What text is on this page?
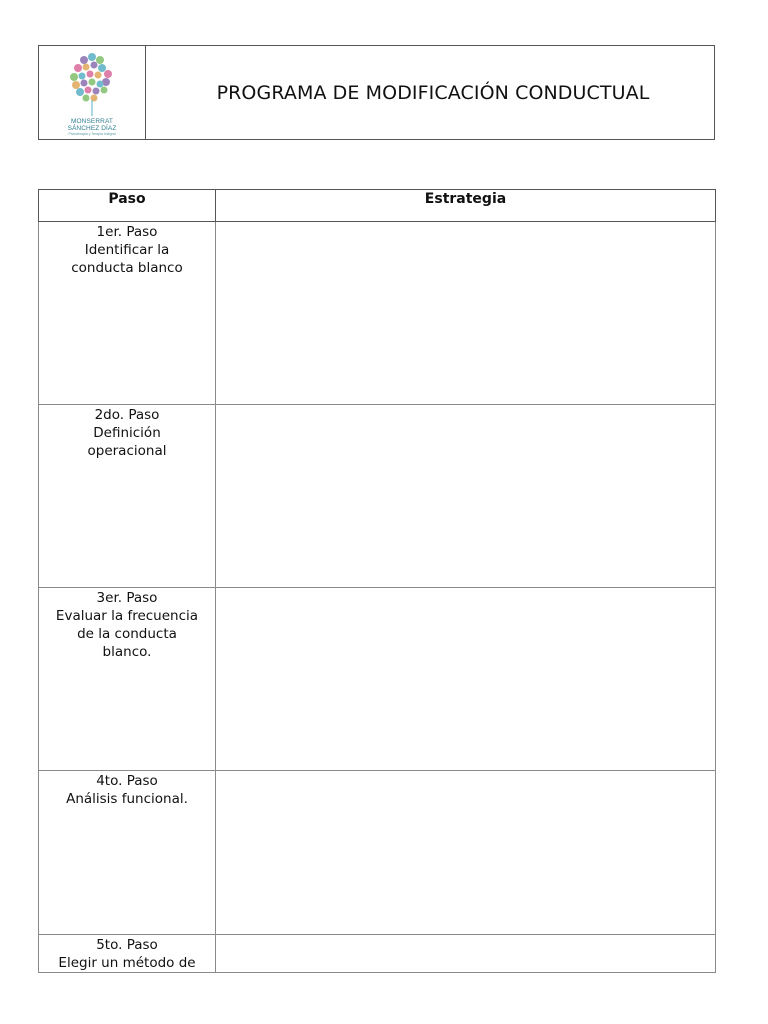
MONSERRAT
SÁNCHEZ DÍAZ
Psicoterapia y Terapia Integral
PROGRAMA DE MODIFICACIÓN CONDUCTUAL
Paso	Estrategia

1er. Paso
Identificar la
conducta blanco	

2do. Paso
Definición
operacional	

3er. Paso
Evaluar la frecuencia
de la conducta
blanco.	

4to. Paso
Análisis funcional.	

5to. Paso
Elegir un método de	
